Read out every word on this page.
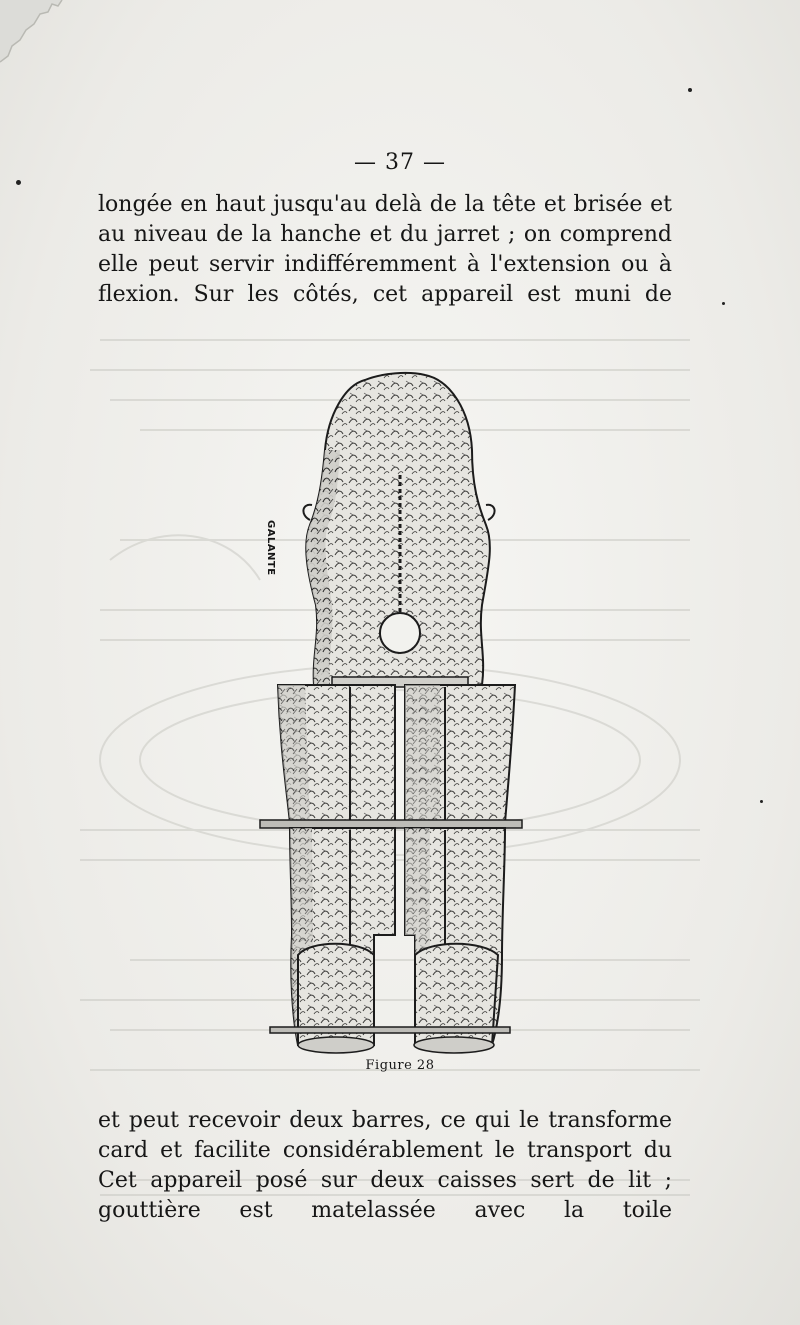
— 37 —
longée en haut jusqu'au delà de la tête et brisée et
au niveau de la hanche et du jarret ; on comprend
elle peut servir indifféremment à l'extension ou à
flexion. Sur les côtés, cet appareil est muni de
GALANTE
Figure 28
et peut recevoir deux barres, ce qui le transforme
card et facilite considérablement le transport du
Cet appareil posé sur deux caisses sert de lit ;
gouttière est matelassée avec la toile
